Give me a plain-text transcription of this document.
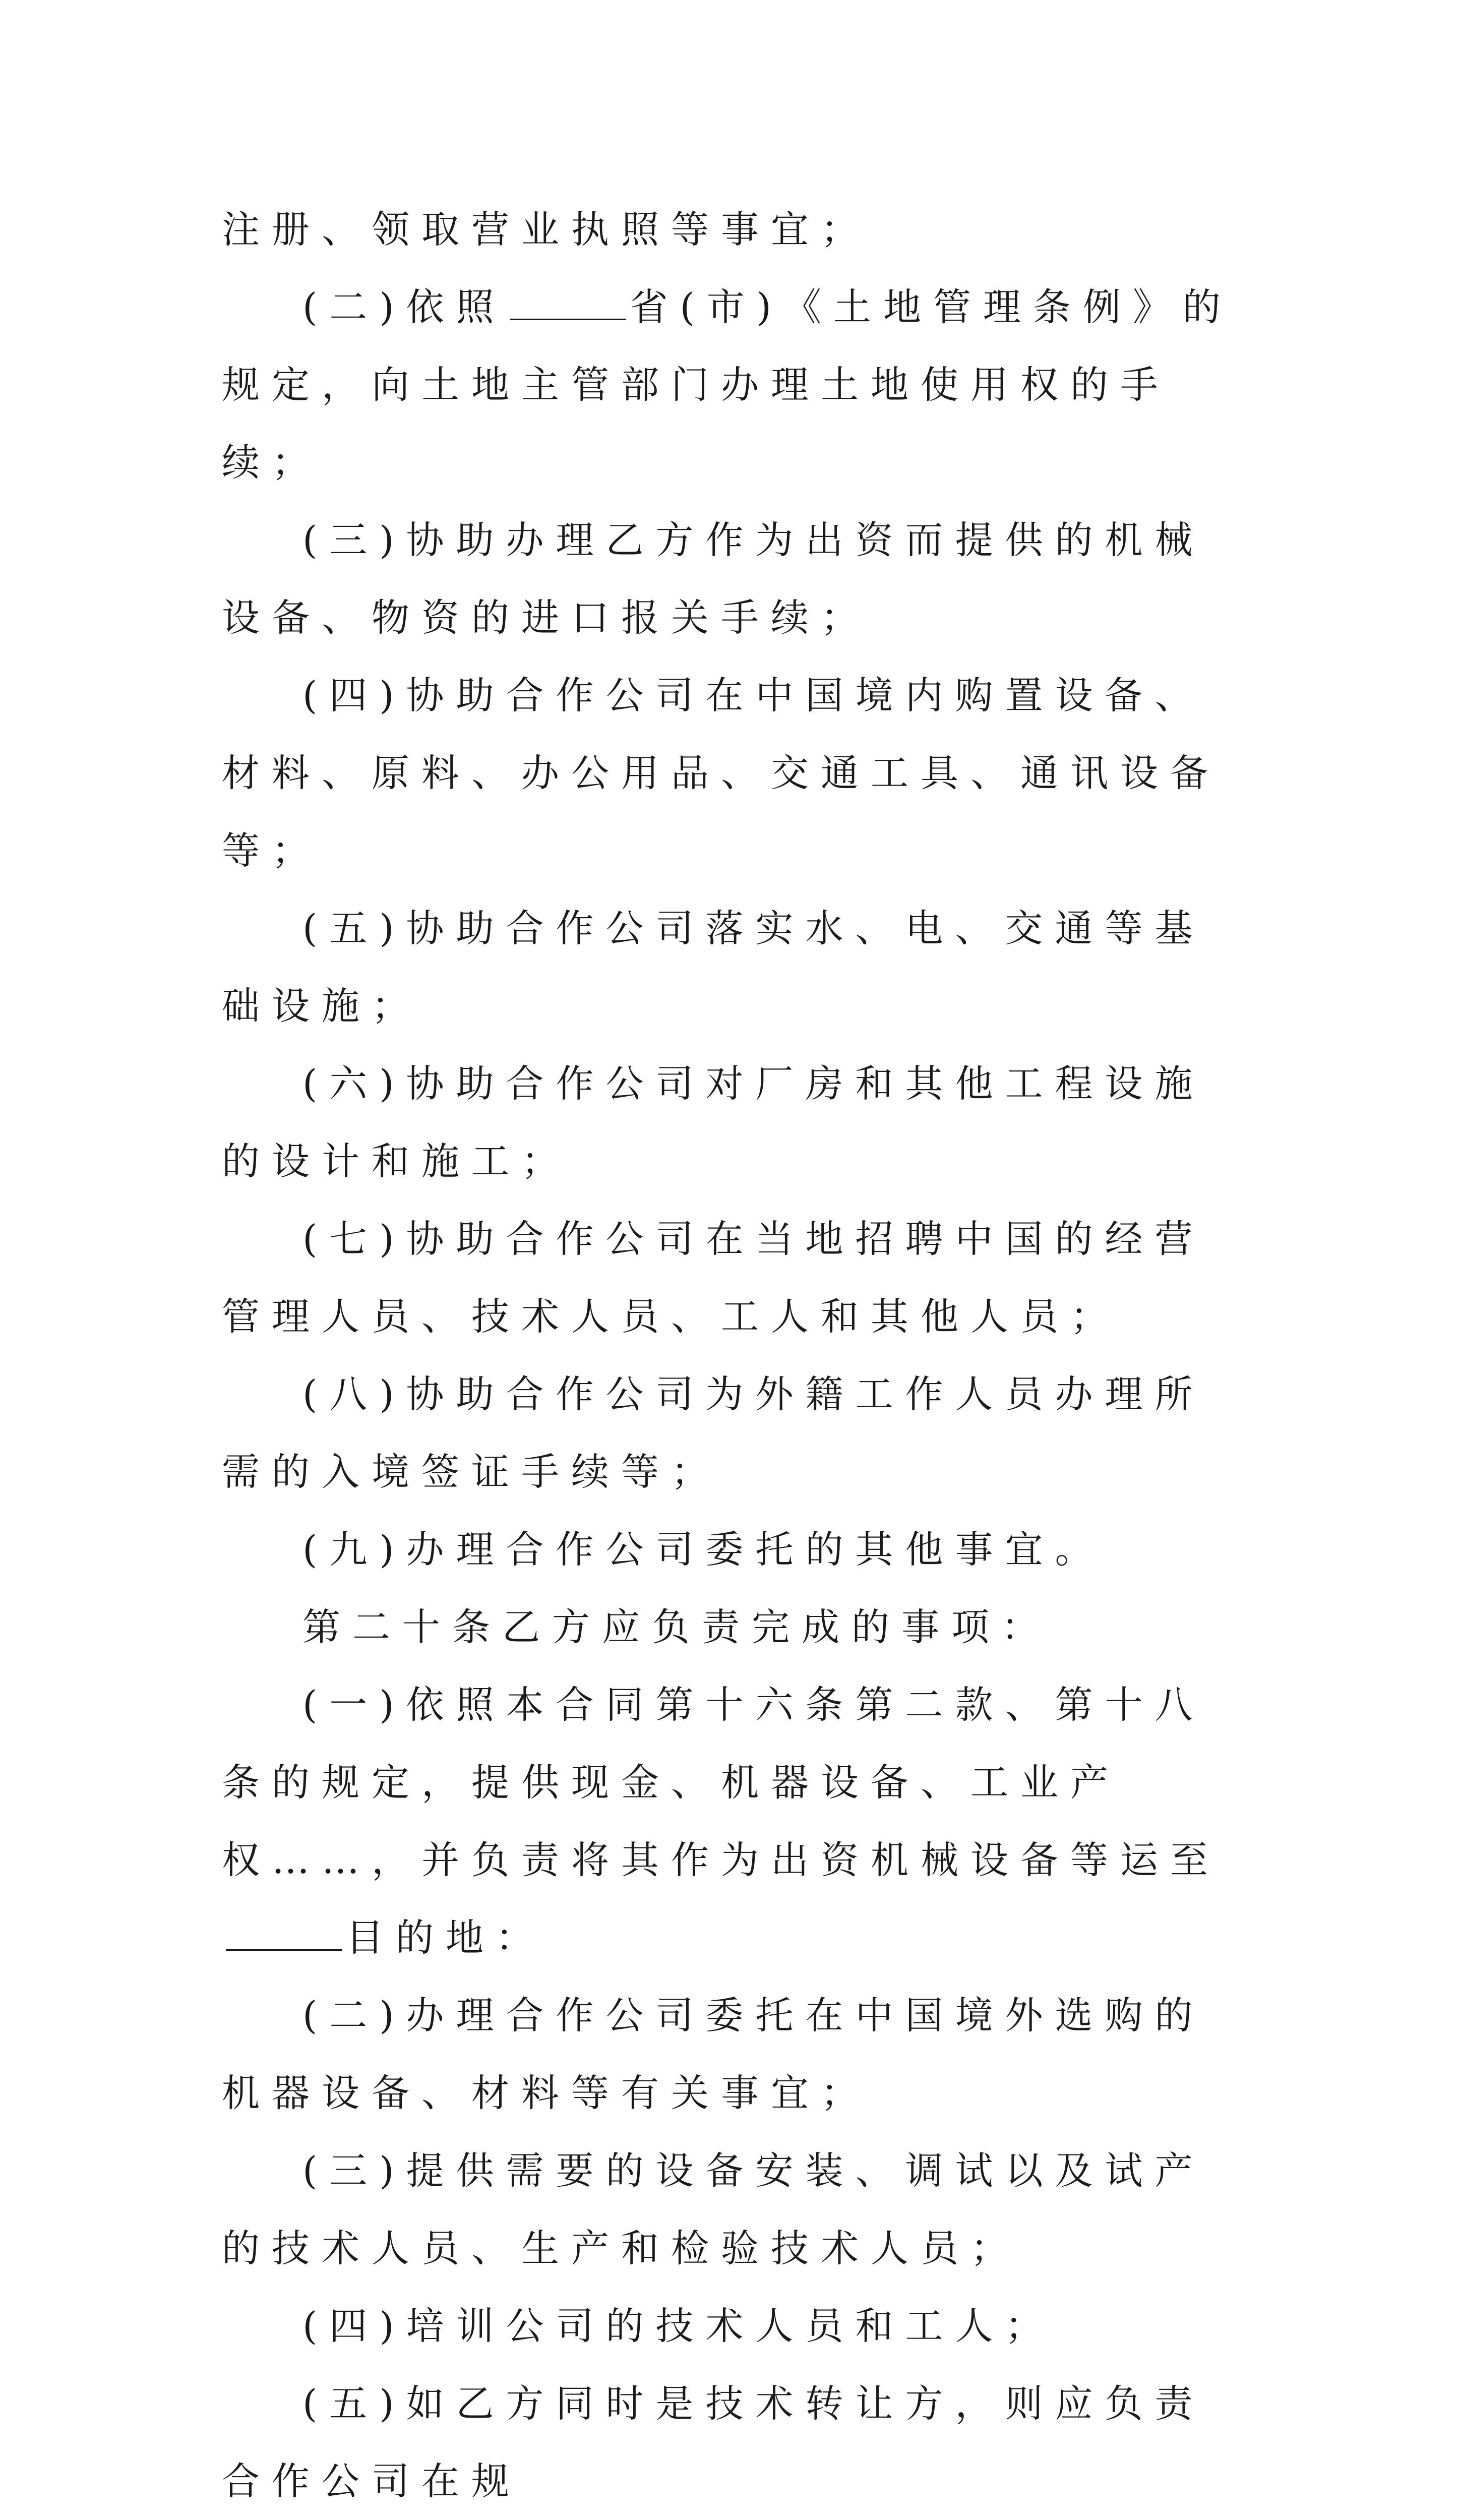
注册、领取营业执照等事宜；

(二)依照	省(市)《土地管理条例》的规定，向土地主管部门办理土地使用权的手续；

(三)协助办理乙方作为出资而提供的机械设备、物资的进口报关手续；

(四)协助合作公司在中国境内购置设备、材料、原料、办公用品、交通工具、通讯设备等；

(五)协助合作公司落实水、电、交通等基础设施；

(六)协助合作公司对厂房和其他工程设施的设计和施工；

(七)协助合作公司在当地招聘中国的经营管理人员、技术人员、工人和其他人员；

(八)协助合作公司为外籍工作人员办理所需的入境签证手续等；

(九)办理合作公司委托的其他事宜。

第二十条乙方应负责完成的事项：

(一)依照本合同第十六条第二款、第十八条的规定，提供现金、机器设备、工业产权……，并负责将其作为出资机械设备等运至目的地：

(二)办理合作公司委托在中国境外选购的机器设备、材料等有关事宜；

(三)提供需要的设备安装、调试以及试产的技术人员、生产和检验技术人员；

(四)培训公司的技术人员和工人；

(五)如乙方同时是技术转让方，则应负责合作公司在规
